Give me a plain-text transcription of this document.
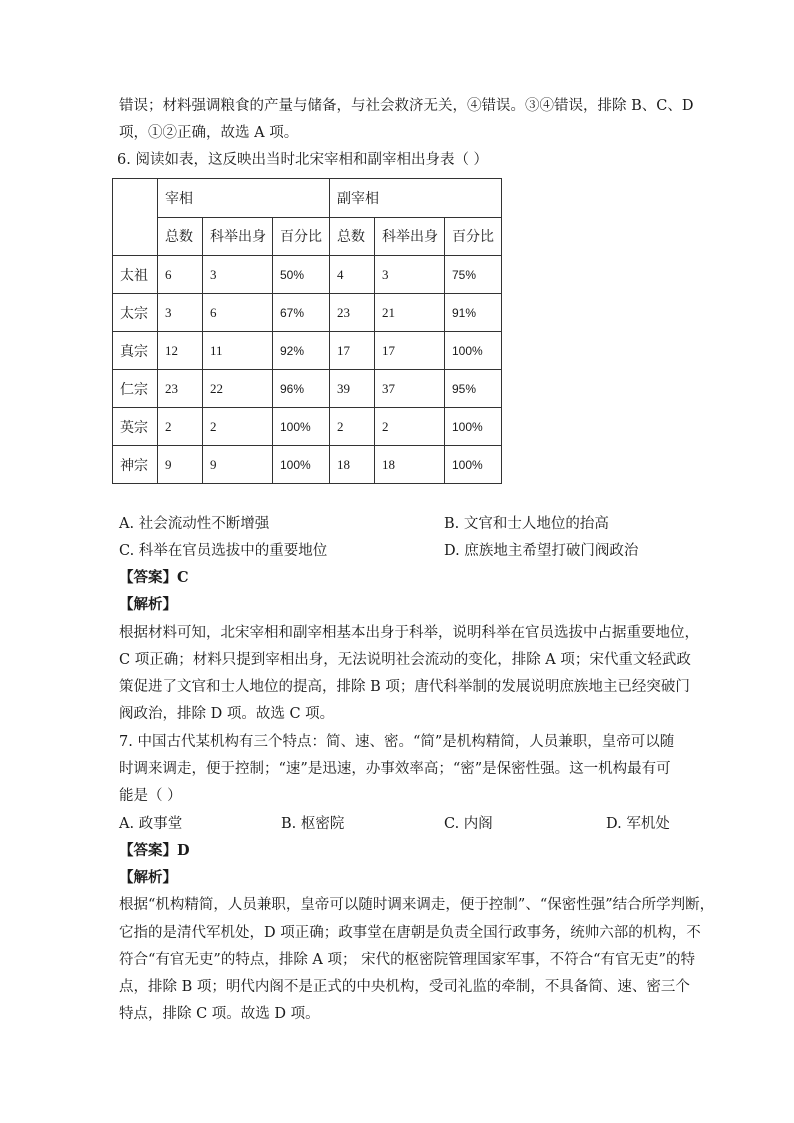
错误；材料强调粮食的产量与储备，与社会救济无关，④错误。③④错误，排除 B、C、D
项，①②正确，故选 A 项。
6. 阅读如表，这反映出当时北宋宰相和副宰相出身表（ ）
	宰相			副宰相		
	总数	科举出身	百分比	总数	科举出身	百分比
太祖	6	3	50%	4	3	75%
太宗	3	6	67%	23	21	91%
真宗	12	11	92%	17	17	100%
仁宗	23	22	96%	39	37	95%
英宗	2	2	100%	2	2	100%
神宗	9	9	100%	18	18	100%
A. 社会流动性不断增强	B. 文官和士人地位的抬高
C. 科举在官员选拔中的重要地位	D. 庶族地主希望打破门阀政治
【答案】C
【解析】
根据材料可知，北宋宰相和副宰相基本出身于科举，说明科举在官员选拔中占据重要地位，
C 项正确；材料只提到宰相出身，无法说明社会流动的变化，排除 A 项；宋代重文轻武政
策促进了文官和士人地位的提高，排除 B 项；唐代科举制的发展说明庶族地主已经突破门
阀政治，排除 D 项。故选 C 项。
7. 中国古代某机构有三个特点：简、速、密。“简”是机构精简，人员兼职，皇帝可以随
时调来调走，便于控制；“速”是迅速，办事效率高；“密”是保密性强。这一机构最有可
能是（ ）
A. 政事堂	B. 枢密院	C. 内阁	D. 军机处
【答案】D
【解析】
根据“机构精简，人员兼职，皇帝可以随时调来调走，便于控制”、“保密性强”结合所学判断，
它指的是清代军机处，D 项正确；政事堂在唐朝是负责全国行政事务，统帅六部的机构，不
符合“有官无吏”的特点，排除 A 项； 宋代的枢密院管理国家军事，不符合“有官无吏”的特
点，排除 B 项；明代内阁不是正式的中央机构，受司礼监的牵制，不具备简、速、密三个
特点，排除 C 项。故选 D 项。
